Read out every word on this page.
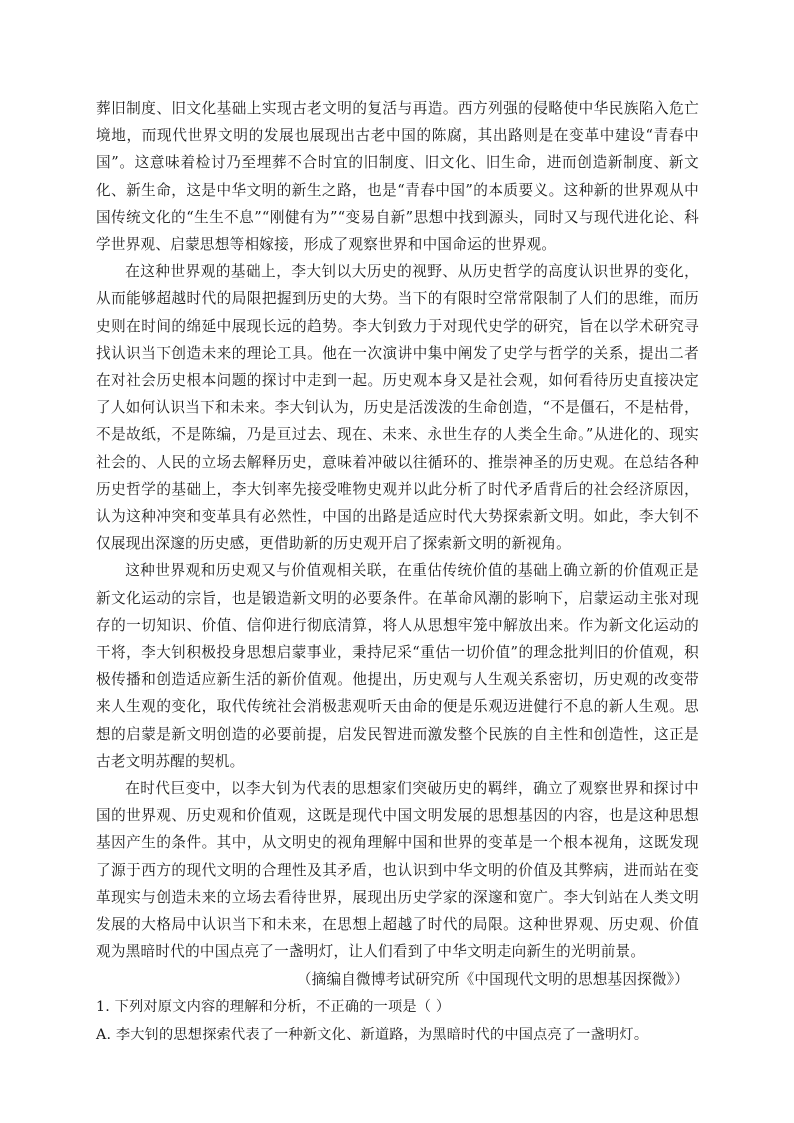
葬旧制度、旧文化基础上实现古老文明的复活与再造。西方列强的侵略使中华民族陷入危亡境地，而现代世界文明的发展也展现出古老中国的陈腐，其出路则是在变革中建设“青春中国”。这意味着检讨乃至埋葬不合时宜的旧制度、旧文化、旧生命，进而创造新制度、新文化、新生命，这是中华文明的新生之路，也是“青春中国”的本质要义。这种新的世界观从中国传统文化的“生生不息”“刚健有为”“变易自新”思想中找到源头，同时又与现代进化论、科学世界观、启蒙思想等相嫁接，形成了观察世界和中国命运的世界观。

在这种世界观的基础上，李大钊以大历史的视野、从历史哲学的高度认识世界的变化，从而能够超越时代的局限把握到历史的大势。当下的有限时空常常限制了人们的思维，而历史则在时间的绵延中展现长远的趋势。李大钊致力于对现代史学的研究，旨在以学术研究寻找认识当下创造未来的理论工具。他在一次演讲中集中阐发了史学与哲学的关系，提出二者在对社会历史根本问题的探讨中走到一起。历史观本身又是社会观，如何看待历史直接决定了人如何认识当下和未来。李大钊认为，历史是活泼泼的生命创造，“不是僵石，不是枯骨，不是故纸，不是陈编，乃是亘过去、现在、未来、永世生存的人类全生命。”从进化的、现实社会的、人民的立场去解释历史，意味着冲破以往循环的、推崇神圣的历史观。在总结各种历史哲学的基础上，李大钊率先接受唯物史观并以此分析了时代矛盾背后的社会经济原因，认为这种冲突和变革具有必然性，中国的出路是适应时代大势探索新文明。如此，李大钊不仅展现出深邃的历史感，更借助新的历史观开启了探索新文明的新视角。

这种世界观和历史观又与价值观相关联，在重估传统价值的基础上确立新的价值观正是新文化运动的宗旨，也是锻造新文明的必要条件。在革命风潮的影响下，启蒙运动主张对现存的一切知识、价值、信仰进行彻底清算，将人从思想牢笼中解放出来。作为新文化运动的干将，李大钊积极投身思想启蒙事业，秉持尼采“重估一切价值”的理念批判旧的价值观，积极传播和创造适应新生活的新价值观。他提出，历史观与人生观关系密切，历史观的改变带来人生观的变化，取代传统社会消极悲观听天由命的便是乐观迈进健行不息的新人生观。思想的启蒙是新文明创造的必要前提，启发民智进而激发整个民族的自主性和创造性，这正是古老文明苏醒的契机。

在时代巨变中，以李大钊为代表的思想家们突破历史的羁绊，确立了观察世界和探讨中国的世界观、历史观和价值观，这既是现代中国文明发展的思想基因的内容，也是这种思想基因产生的条件。其中，从文明史的视角理解中国和世界的变革是一个根本视角，这既发现了源于西方的现代文明的合理性及其矛盾，也认识到中华文明的价值及其弊病，进而站在变革现实与创造未来的立场去看待世界，展现出历史学家的深邃和宽广。李大钊站在人类文明发展的大格局中认识当下和未来，在思想上超越了时代的局限。这种世界观、历史观、价值观为黑暗时代的中国点亮了一盏明灯，让人们看到了中华文明走向新生的光明前景。

（摘编自微博考试研究所《中国现代文明的思想基因探微》）

1. 下列对原文内容的理解和分析，不正确的一项是（ ）

A. 李大钊的思想探索代表了一种新文化、新道路，为黑暗时代的中国点亮了一盏明灯。
